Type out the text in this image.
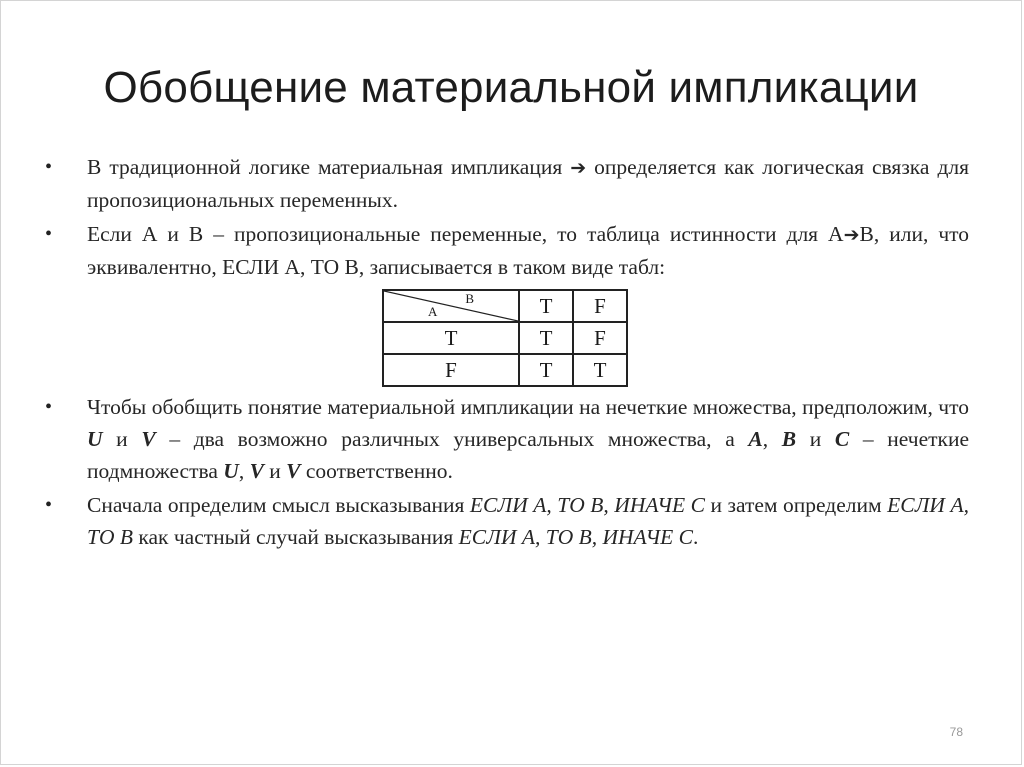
Обобщение материальной импликации
• В традиционной логике материальная импликация ➔ определяется как логическая связка для пропозициональных переменных.

• Если А и В – пропозициональные переменные, то таблица истинности для А➔В, или, что эквивалентно, ЕСЛИ А, ТО В, записывается в таком виде табл:

В
А	T	F
T	T	F
F	T	T
• Чтобы обобщить понятие материальной импликации на нечеткие множества, предположим, что U и V – два возможно различных универсальных множества, а A, B и C – нечеткие подмножества U, V и V соответственно.

• Сначала определим смысл высказывания ЕСЛИ А, ТО В, ИНАЧЕ С и затем определим ЕСЛИ А, ТО В как частный случай высказывания ЕСЛИ А, ТО В, ИНАЧЕ С.

78
